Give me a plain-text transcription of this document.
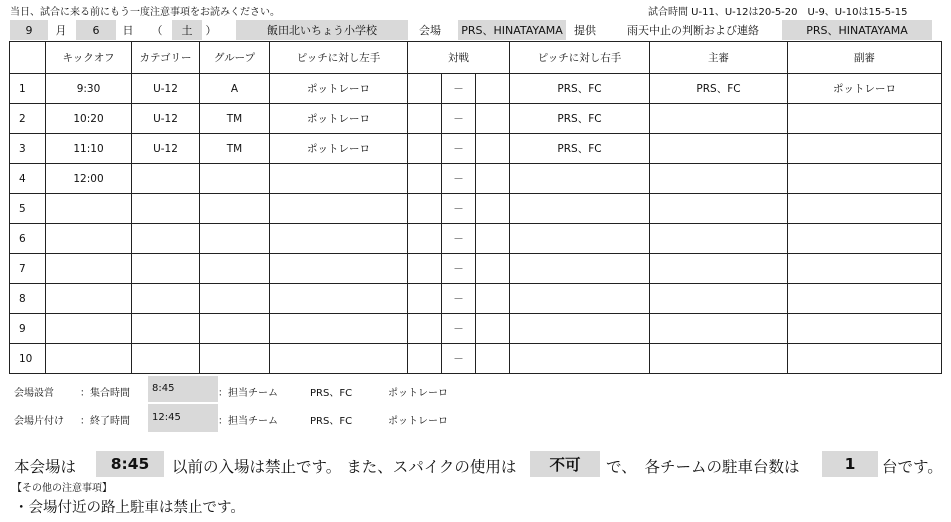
当日、試合に来る前にもう一度注意事項をお読みください。	試合時間 U-11、U-12は20-5-20　U-9、U-10は15-5-15
9	月	6	日	（	土	）	飯田北いちょう小学校	会場	PRS、HINATAYAMA	提供	雨天中止の判断および連絡	PRS、HINATAYAMA
	キックオフ	カテゴリー	グループ	ピッチに対し左手	対戦			ピッチに対し右手	主審	副審
1	9:30	U-12	A	ポットレーロ		－		PRS、FC	PRS、FC	ポットレーロ
2	10:20	U-12	TM	ポットレーロ		－		PRS、FC		
3	11:10	U-12	TM	ポットレーロ		－		PRS、FC		
4	12:00					－				
5						－				
6						－				
7						－				
8						－				
9						－				
10						－				
会場設営	：集合時間	8:45	：担当チーム	PRS、FC	ポットレーロ
会場片付け ：終了時間	12:45	：担当チーム	PRS、FC	ポットレーロ
本会場は	8:45	以前の入場は禁止です。 また、スパイクの使用は	不可	で、　各チームの駐車台数は	1	台です。
【その他の注意事項】
・会場付近の路上駐車は禁止です。
